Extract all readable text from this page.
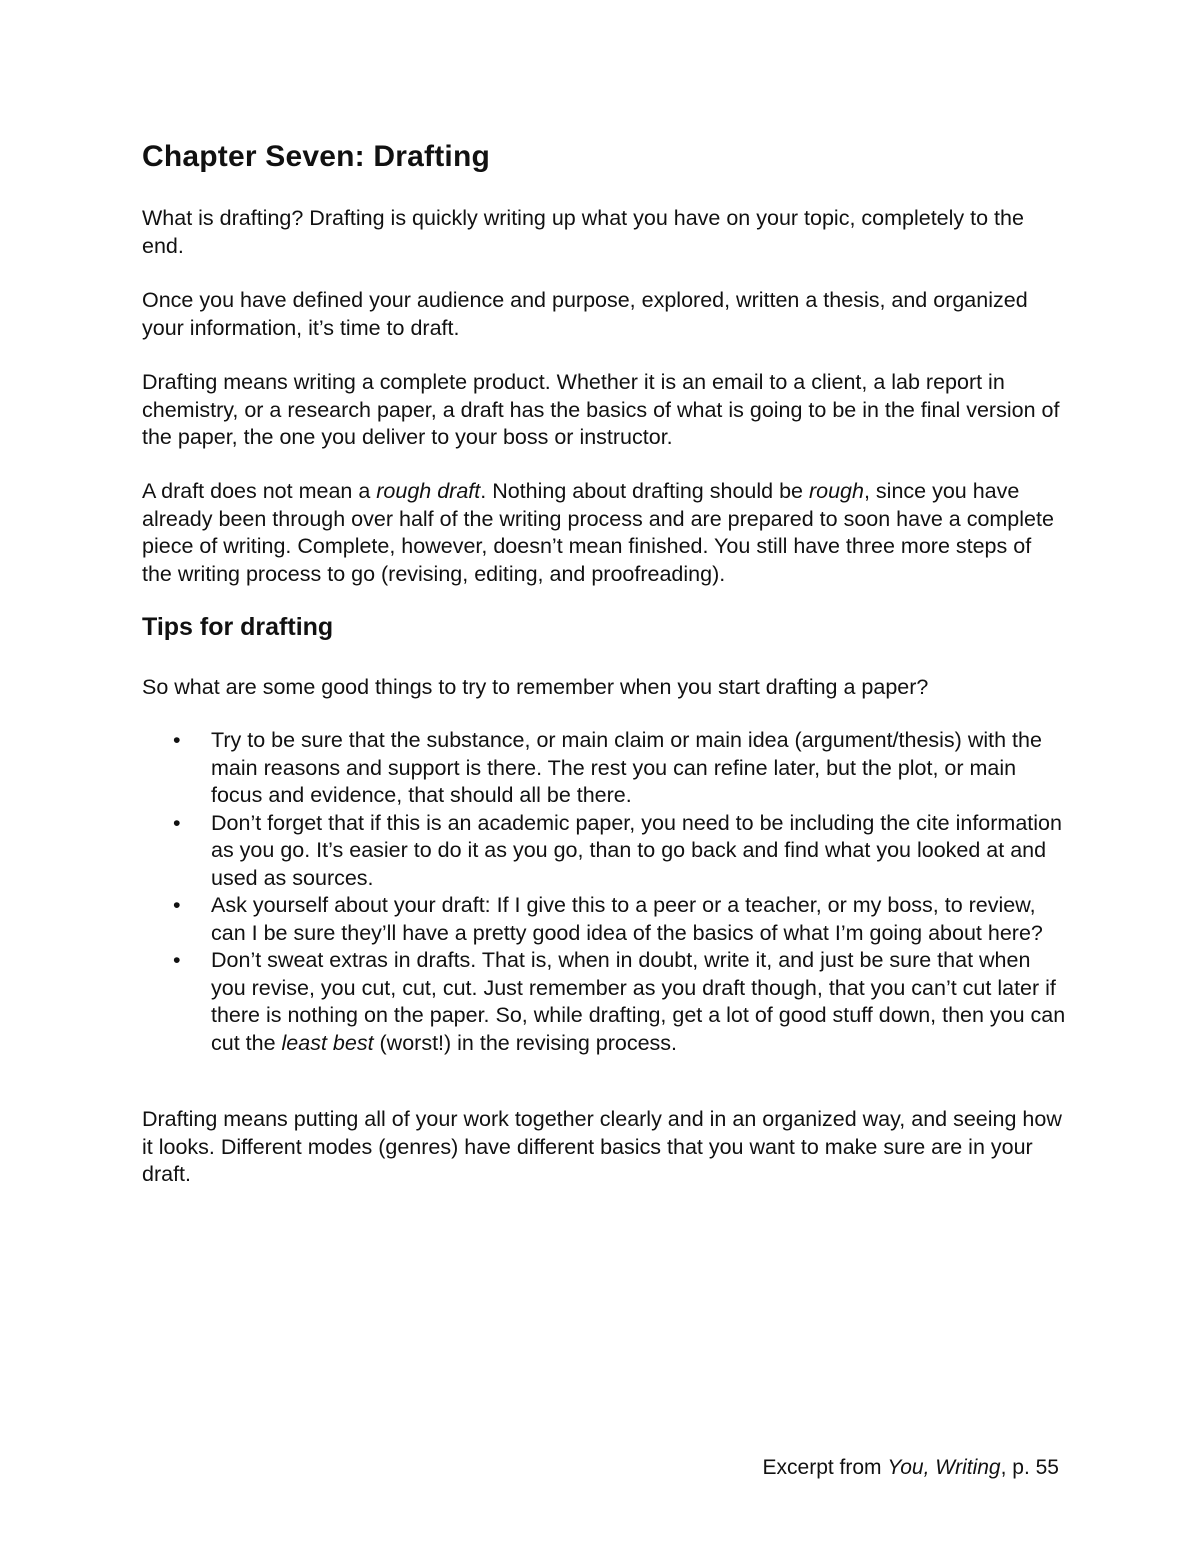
Chapter Seven: Drafting

What is drafting? Drafting is quickly writing up what you have on your topic, completely to the end.

Once you have defined your audience and purpose, explored, written a thesis, and organized your information, it’s time to draft.

Drafting means writing a complete product. Whether it is an email to a client, a lab report in chemistry, or a research paper, a draft has the basics of what is going to be in the final version of the paper, the one you deliver to your boss or instructor.

A draft does not mean a rough draft. Nothing about drafting should be rough, since you have already been through over half of the writing process and are prepared to soon have a complete piece of writing. Complete, however, doesn’t mean finished. You still have three more steps of the writing process to go (revising, editing, and proofreading).

Tips for drafting

So what are some good things to try to remember when you start drafting a paper?

• Try to be sure that the substance, or main claim or main idea (argument/thesis) with the main reasons and support is there. The rest you can refine later, but the plot, or main focus and evidence, that should all be there.
• Don’t forget that if this is an academic paper, you need to be including the cite information as you go. It’s easier to do it as you go, than to go back and find what you looked at and used as sources.
• Ask yourself about your draft: If I give this to a peer or a teacher, or my boss, to review, can I be sure they’ll have a pretty good idea of the basics of what I’m going about here?
• Don’t sweat extras in drafts. That is, when in doubt, write it, and just be sure that when you revise, you cut, cut, cut. Just remember as you draft though, that you can’t cut later if there is nothing on the paper. So, while drafting, get a lot of good stuff down, then you can cut the least best (worst!) in the revising process.

Drafting means putting all of your work together clearly and in an organized way, and seeing how it looks. Different modes (genres) have different basics that you want to make sure are in your draft.

Excerpt from You, Writing, p. 55
